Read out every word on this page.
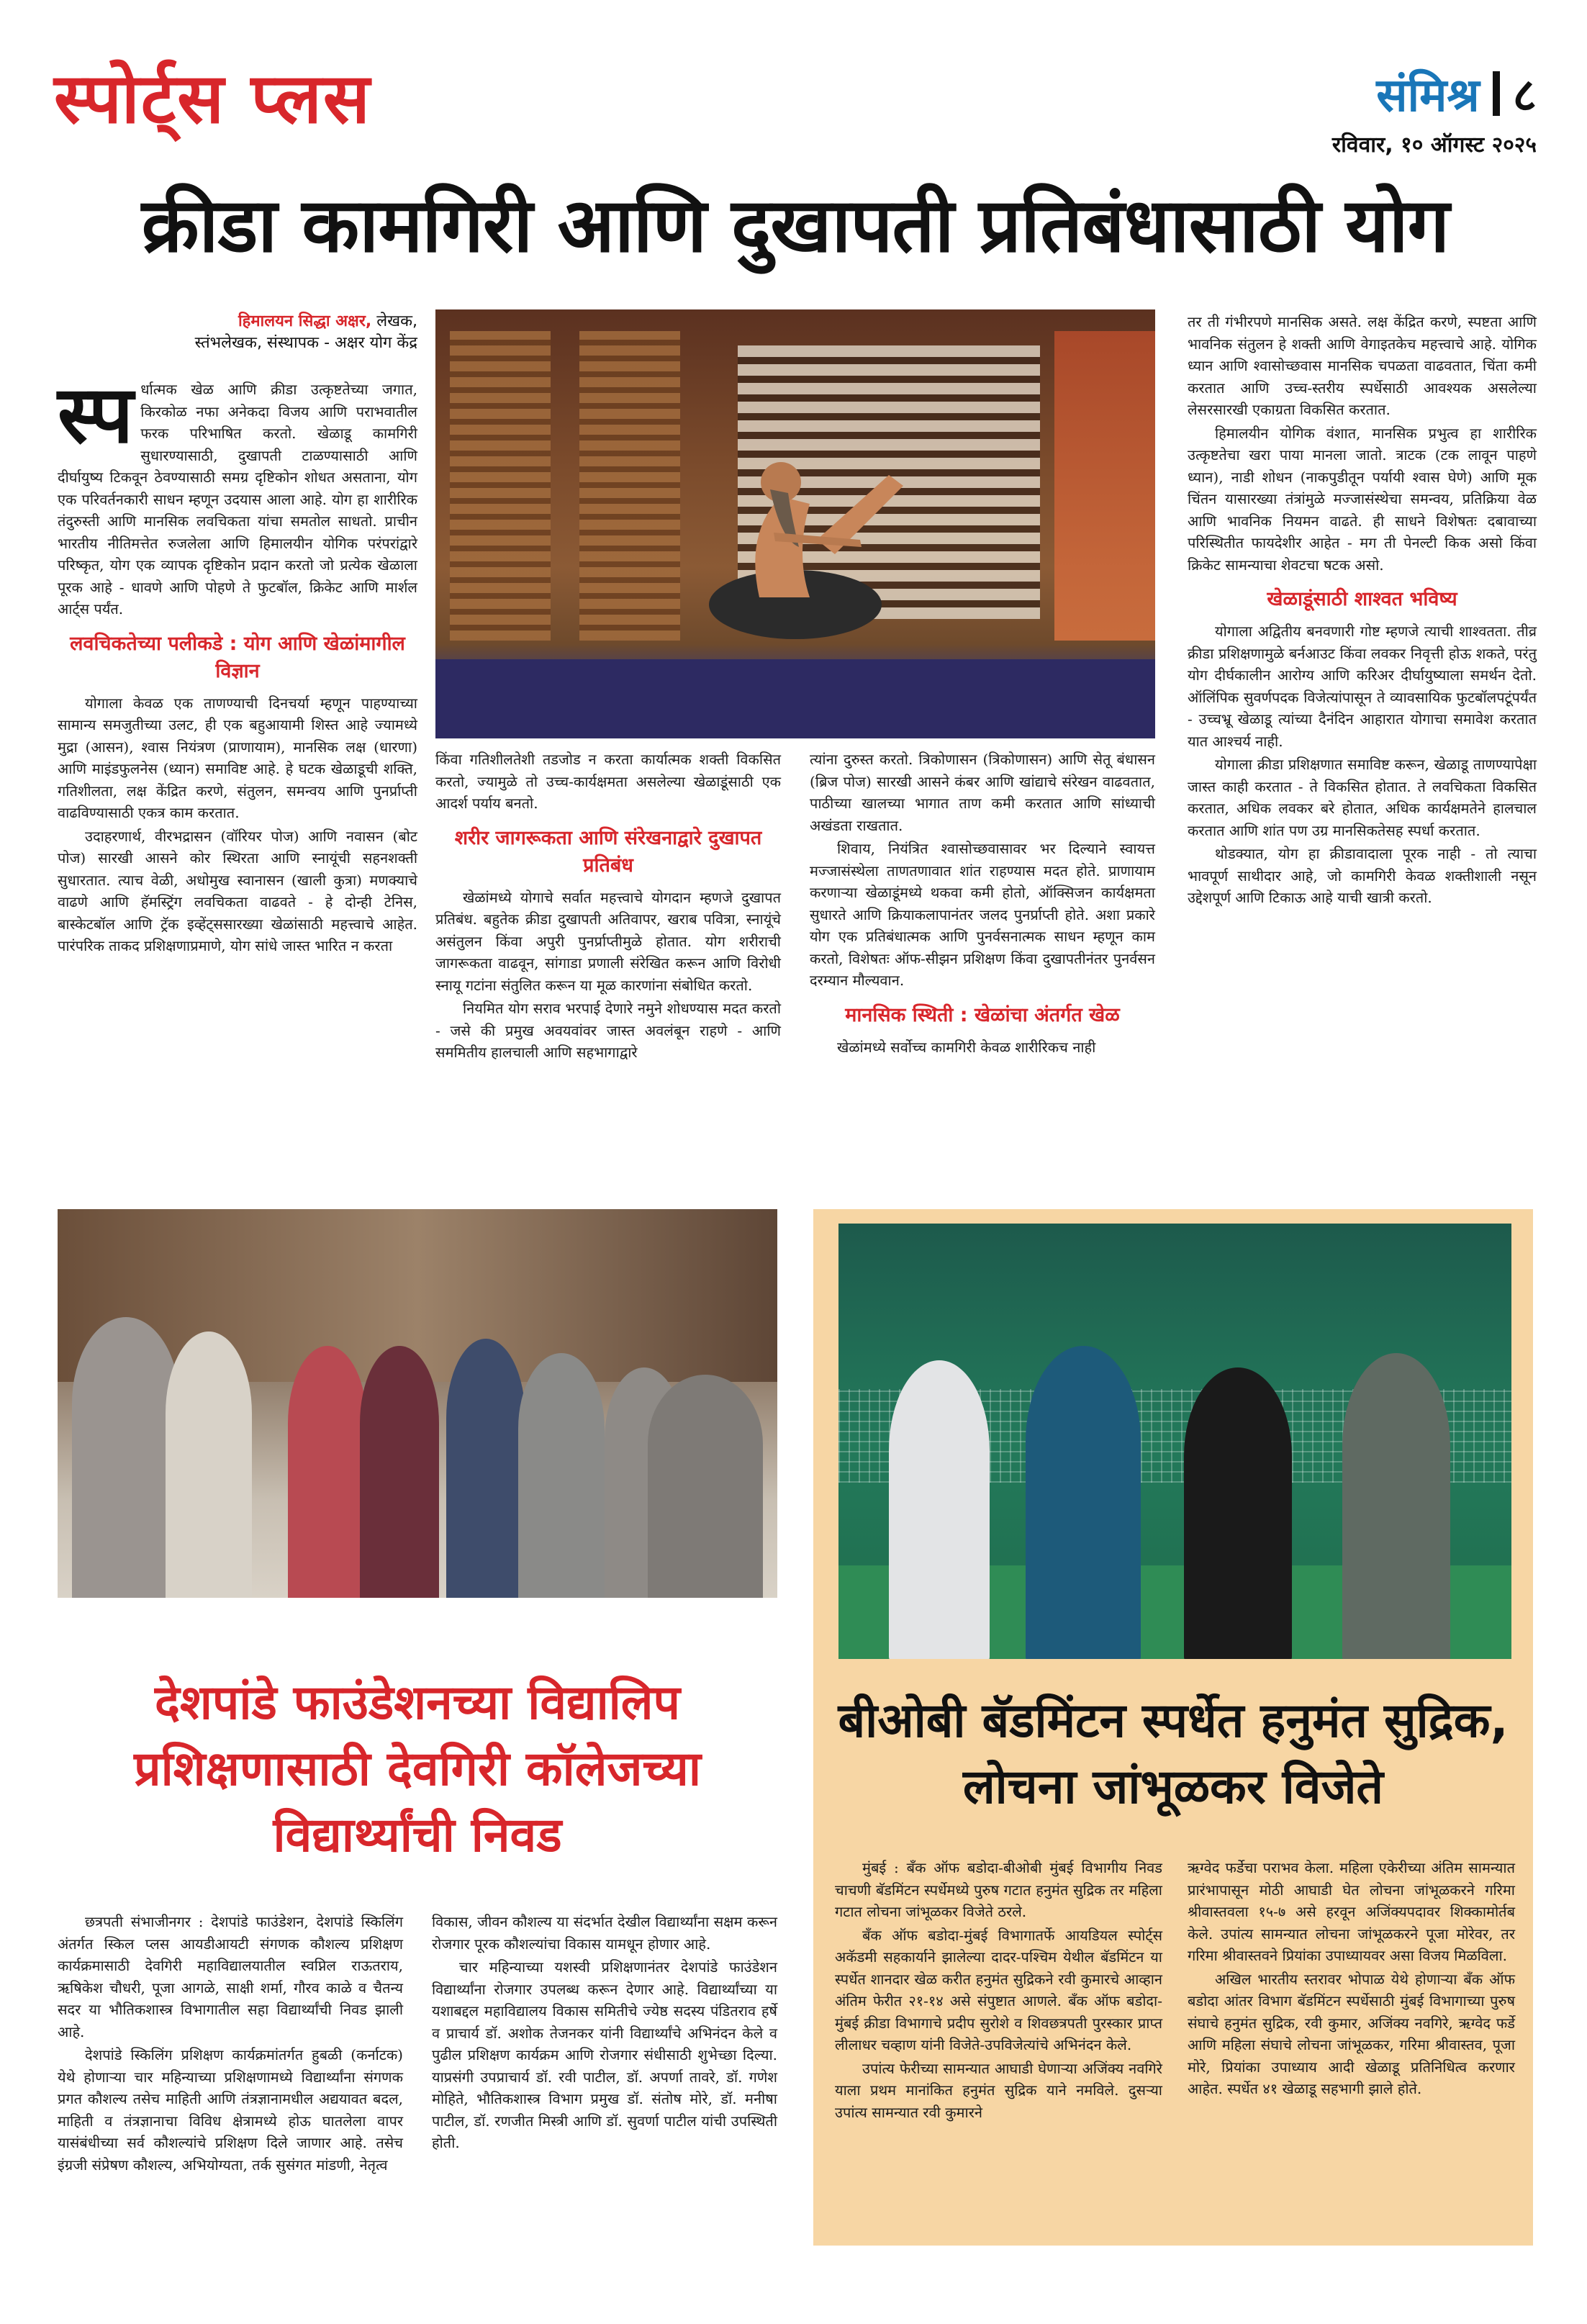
स्पोर्ट्स प्लस	संमिश्र ८
रविवार, १० ऑगस्ट २०२५
क्रीडा कामगिरी आणि दुखापती प्रतिबंधासाठी योग
हिमालयन सिद्धा अक्षर, लेखक,
स्तंभलेखक, संस्थापक - अक्षर योग केंद्र

स्प र्धात्मक खेळ आणि क्रीडा उत्कृष्टतेच्या जगात, किरकोळ नफा अनेकदा विजय आणि पराभवातील फरक परिभाषित करतो. खेळाडू कामगिरी सुधारण्यासाठी, दुखापती टाळण्यासाठी आणि दीर्घायुष्य टिकवून ठेवण्यासाठी समग्र दृष्टिकोन शोधत असताना, योग एक परिवर्तनकारी साधन म्हणून उदयास आला आहे. योग हा शारीरिक तंदुरुस्ती आणि मानसिक लवचिकता यांचा समतोल साधतो. प्राचीन भारतीय नीतिमत्तेत रुजलेला आणि हिमालयीन योगिक परंपरांद्वारे परिष्कृत, योग एक व्यापक दृष्टिकोन प्रदान करतो जो प्रत्येक खेळाला पूरक आहे - धावणे आणि पोहणे ते फुटबॉल, क्रिकेट आणि मार्शल आर्ट्स पर्यंत.

लवचिकतेच्या पलीकडे : योग आणि खेळांमागील विज्ञान

योगाला केवळ एक ताणण्याची दिनचर्या म्हणून पाहण्याच्या सामान्य समजुतीच्या उलट, ही एक बहुआयामी शिस्त आहे ज्यामध्ये मुद्रा (आसन), श्वास नियंत्रण (प्राणायाम), मानसिक लक्ष (धारणा) आणि माइंडफुलनेस (ध्यान) समाविष्ट आहे. हे घटक खेळाडूची शक्ति, गतिशीलता, लक्ष केंद्रित करणे, संतुलन, समन्वय आणि पुनर्प्राप्ती वाढविण्यासाठी एकत्र काम करतात.

उदाहरणार्थ, वीरभद्रासन (वॉरियर पोज) आणि नवासन (बोट पोज) सारखी आसने कोर स्थिरता आणि स्नायूंची सहनशक्ती सुधारतात. त्याच वेळी, अधोमुख स्वानासन (खाली कुत्रा) मणक्याचे वाढणे आणि हॅमस्ट्रिंग लवचिकता वाढवते - हे दोन्ही टेनिस, बास्केटबॉल आणि ट्रॅक इव्हेंट्ससारख्या खेळांसाठी महत्त्वाचे आहेत. पारंपरिक ताकद प्रशिक्षणाप्रमाणे, योग सांधे जास्त भारित न करता

किंवा गतिशीलतेशी तडजोड न करता कार्यात्मक शक्ती विकसित करतो, ज्यामुळे तो उच्च-कार्यक्षमता असलेल्या खेळाडूंसाठी एक आदर्श पर्याय बनतो.

शरीर जागरूकता आणि संरेखनाद्वारे दुखापत प्रतिबंध

खेळांमध्ये योगाचे सर्वात महत्त्वाचे योगदान म्हणजे दुखापत प्रतिबंध. बहुतेक क्रीडा दुखापती अतिवापर, खराब पवित्रा, स्नायूंचे असंतुलन किंवा अपुरी पुनर्प्राप्तीमुळे होतात. योग शरीराची जागरूकता वाढवून, सांगाडा प्रणाली संरेखित करून आणि विरोधी स्नायू गटांना संतुलित करून या मूळ कारणांना संबोधित करतो.

नियमित योग सराव भरपाई देणारे नमुने शोधण्यास मदत करतो - जसे की प्रमुख अवयवांवर जास्त अवलंबून राहणे - आणि सममितीय हालचाली आणि सहभागाद्वारे

त्यांना दुरुस्त करतो. त्रिकोणासन (त्रिकोणासन) आणि सेतू बंधासन (ब्रिज पोज) सारखी आसने कंबर आणि खांद्याचे संरेखन वाढवतात, पाठीच्या खालच्या भागात ताण कमी करतात आणि सांध्याची अखंडता राखतात.

शिवाय, नियंत्रित श्वासोच्छवासावर भर दिल्याने स्वायत्त मज्जासंस्थेला ताणतणावात शांत राहण्यास मदत होते. प्राणायाम करणाऱ्या खेळाडूंमध्ये थकवा कमी होतो, ऑक्सिजन कार्यक्षमता सुधारते आणि क्रियाकलापानंतर जलद पुनर्प्राप्ती होते. अशा प्रकारे योग एक प्रतिबंधात्मक आणि पुनर्वसनात्मक साधन म्हणून काम करतो, विशेषतः ऑफ-सीझन प्रशिक्षण किंवा दुखापतीनंतर पुनर्वसन दरम्यान मौल्यवान.

मानसिक स्थिती : खेळांचा अंतर्गत खेळ

खेळांमध्ये सर्वोच्च कामगिरी केवळ शारीरिकच नाही

तर ती गंभीरपणे मानसिक असते. लक्ष केंद्रित करणे, स्पष्टता आणि भावनिक संतुलन हे शक्ती आणि वेगाइतकेच महत्त्वाचे आहे. योगिक ध्यान आणि श्वासोच्छवास मानसिक चपळता वाढवतात, चिंता कमी करतात आणि उच्च-स्तरीय स्पर्धेसाठी आवश्यक असलेल्या लेसरसारखी एकाग्रता विकसित करतात.

हिमालयीन योगिक वंशात, मानसिक प्रभुत्व हा शारीरिक उत्कृष्टतेचा खरा पाया मानला जातो. त्राटक (टक लावून पाहणे ध्यान), नाडी शोधन (नाकपुडीतून पर्यायी श्वास घेणे) आणि मूक चिंतन यासारख्या तंत्रांमुळे मज्जासंस्थेचा समन्वय, प्रतिक्रिया वेळ आणि भावनिक नियमन वाढते. ही साधने विशेषतः दबावाच्या परिस्थितीत फायदेशीर आहेत - मग ती पेनल्टी किक असो किंवा क्रिकेट सामन्याचा शेवटचा षटक असो.

खेळाडूंसाठी शाश्वत भविष्य

योगाला अद्वितीय बनवणारी गोष्ट म्हणजे त्याची शाश्वतता. तीव्र क्रीडा प्रशिक्षणामुळे बर्नआउट किंवा लवकर निवृत्ती होऊ शकते, परंतु योग दीर्घकालीन आरोग्य आणि करिअर दीर्घायुष्याला समर्थन देतो. ऑलिंपिक सुवर्णपदक विजेत्यांपासून ते व्यावसायिक फुटबॉलपटूंपर्यंत - उच्चभ्रू खेळाडू त्यांच्या दैनंदिन आहारात योगाचा समावेश करतात यात आश्चर्य नाही.

योगाला क्रीडा प्रशिक्षणात समाविष्ट करून, खेळाडू ताणण्यापेक्षा जास्त काही करतात - ते विकसित होतात. ते लवचिकता विकसित करतात, अधिक लवकर बरे होतात, अधिक कार्यक्षमतेने हालचाल करतात आणि शांत पण उग्र मानसिकतेसह स्पर्धा करतात.

थोडक्यात, योग हा क्रीडावादाला पूरक नाही - तो त्याचा भावपूर्ण साथीदार आहे, जो कामगिरी केवळ शक्तीशाली नसून उद्देशपूर्ण आणि टिकाऊ आहे याची खात्री करतो.

देशपांडे फाउंडेशनच्या विद्यालिप प्रशिक्षणासाठी देवगिरी कॉलेजच्या विद्यार्थ्यांची निवड
बीओबी बॅडमिंटन स्पर्धेत हनुमंत सुद्रिक, लोचना जांभूळकर विजेते

छत्रपती संभाजीनगर : देशपांडे फाउंडेशन, देशपांडे स्किलिंग अंतर्गत स्किल प्लस आयडीआयटी संगणक कौशल्य प्रशिक्षण कार्यक्रमासाठी देवगिरी महाविद्यालयातील स्वप्निल राऊतराय, ऋषिकेश चौधरी, पूजा आगळे, साक्षी शर्मा, गौरव काळे व चैतन्य सदर या भौतिकशास्त्र विभागातील सहा विद्यार्थ्यांची निवड झाली आहे.

देशपांडे स्किलिंग प्रशिक्षण कार्यक्रमांतर्गत हुबळी (कर्नाटक) येथे होणाऱ्या चार महिन्याच्या प्रशिक्षणामध्ये विद्यार्थ्यांना संगणक प्रगत कौशल्य तसेच माहिती आणि तंत्रज्ञानामधील अद्ययावत बदल, माहिती व तंत्रज्ञानाचा विविध क्षेत्रामध्ये होऊ घातलेला वापर यासंबंधीच्या सर्व कौशल्यांचे प्रशिक्षण दिले जाणार आहे. तसेच इंग्रजी संप्रेषण कौशल्य, अभियोग्यता, तर्क सुसंगत मांडणी, नेतृत्व

विकास, जीवन कौशल्य या संदर्भात देखील विद्यार्थ्यांना सक्षम करून रोजगार पूरक कौशल्यांचा विकास यामधून होणार आहे.

चार महिन्याच्या यशस्वी प्रशिक्षणानंतर देशपांडे फाउंडेशन विद्यार्थ्यांना रोजगार उपलब्ध करून देणार आहे. विद्यार्थ्यांच्या या यशाबद्दल महाविद्यालय विकास समितीचे ज्येष्ठ सदस्य पंडितराव हर्षे व प्राचार्य डॉ. अशोक तेजनकर यांनी विद्यार्थ्यांचे अभिनंदन केले व पुढील प्रशिक्षण कार्यक्रम आणि रोजगार संधीसाठी शुभेच्छा दिल्या. याप्रसंगी उपप्राचार्य डॉ. रवी पाटील, डॉ. अपर्णा तावरे, डॉ. गणेश मोहिते, भौतिकशास्त्र विभाग प्रमुख डॉ. संतोष मोरे, डॉ. मनीषा पाटील, डॉ. रणजीत मिस्त्री आणि डॉ. सुवर्णा पाटील यांची उपस्थिती होती.

मुंबई : बँक ऑफ बडोदा-बीओबी मुंबई विभागीय निवड चाचणी बॅडमिंटन स्पर्धेमध्ये पुरुष गटात हनुमंत सुद्रिक तर महिला गटात लोचना जांभूळकर विजेते ठरले.

बँक ऑफ बडोदा-मुंबई विभागातर्फे आयडियल स्पोर्ट्स अकॅडमी सहकार्याने झालेल्या दादर-पश्चिम येथील बॅडमिंटन या स्पर्धेत शानदार खेळ करीत हनुमंत सुद्रिकने रवी कुमारचे आव्हान अंतिम फेरीत २१-१४ असे संपुष्टात आणले. बँक ऑफ बडोदा-मुंबई क्रीडा विभागाचे प्रदीप सुरोशे व शिवछत्रपती पुरस्कार प्राप्त लीलाधर चव्हाण यांनी विजेते-उपविजेत्यांचे अभिनंदन केले.

उपांत्य फेरीच्या सामन्यात आघाडी घेणाऱ्या अजिंक्य नवगिरे याला प्रथम मानांकित हनुमंत सुद्रिक याने नमविले. दुसऱ्या उपांत्य सामन्यात रवी कुमारने

ऋग्वेद फर्डेचा पराभव केला. महिला एकेरीच्या अंतिम सामन्यात प्रारंभापासून मोठी आघाडी घेत लोचना जांभूळकरने गरिमा श्रीवास्तवला १५-७ असे हरवून अजिंक्यपदावर शिक्कामोर्तब केले. उपांत्य सामन्यात लोचना जांभूळकरने पूजा मोरेवर, तर गरिमा श्रीवास्तवने प्रियांका उपाध्यायवर असा विजय मिळविला.

अखिल भारतीय स्तरावर भोपाळ येथे होणाऱ्या बँक ऑफ बडोदा आंतर विभाग बॅडमिंटन स्पर्धेसाठी मुंबई विभागाच्या पुरुष संघाचे हनुमंत सुद्रिक, रवी कुमार, अजिंक्य नवगिरे, ऋग्वेद फर्डे आणि महिला संघाचे लोचना जांभूळकर, गरिमा श्रीवास्तव, पूजा मोरे, प्रियांका उपाध्याय आदी खेळाडू प्रतिनिधित्व करणार आहेत. स्पर्धेत ४१ खेळाडू सहभागी झाले होते.
